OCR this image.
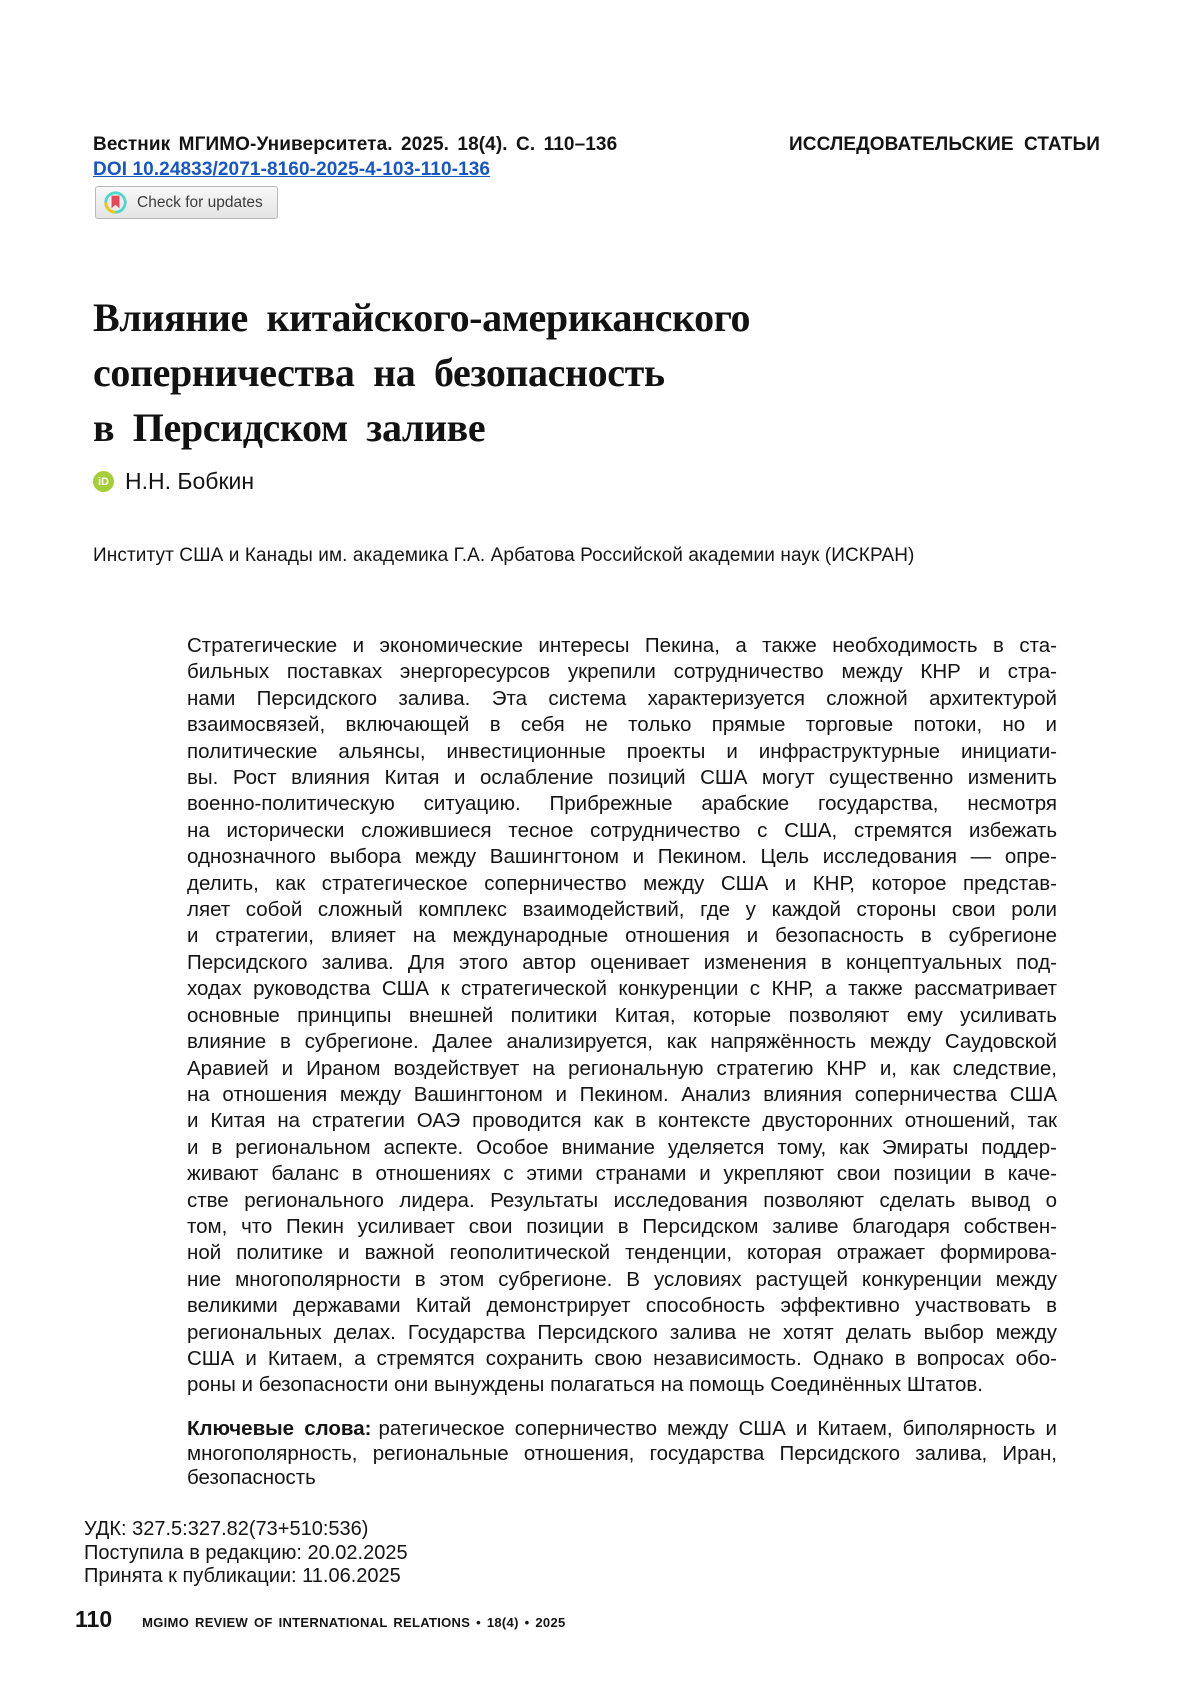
Вестник МГИМО-Университета. 2025. 18(4). С. 110–136
DOI 10.24833/2071-8160-2025-4-103-110-136
ИССЛЕДОВАТЕЛЬСКИЕ СТАТЬИ
Check for updates
Влияние китайского-американского
соперничества на безопасность
в Персидском заливе
iD Н.Н. Бобкин
Институт США и Канады им. академика Г.А. Арбатова Российской академии наук (ИСКРАН)
Стратегические и экономические интересы Пекина, а также необходимость в ста-
бильных поставках энергоресурсов укрепили сотрудничество между КНР и стра-
нами Персидского залива. Эта система характеризуется сложной архитектурой
взаимосвязей, включающей в себя не только прямые торговые потоки, но и
политические альянсы, инвестиционные проекты и инфраструктурные инициати-
вы. Рост влияния Китая и ослабление позиций США могут существенно изменить
военно-политическую ситуацию. Прибрежные арабские государства, несмотря
на исторически сложившиеся тесное сотрудничество с США, стремятся избежать
однозначного выбора между Вашингтоном и Пекином. Цель исследования — опре-
делить, как стратегическое соперничество между США и КНР, которое представ-
ляет собой сложный комплекс взаимодействий, где у каждой стороны свои роли
и стратегии, влияет на международные отношения и безопасность в субрегионе
Персидского залива. Для этого автор оценивает изменения в концептуальных под-
ходах руководства США к стратегической конкуренции с КНР, а также рассматривает
основные принципы внешней политики Китая, которые позволяют ему усиливать
влияние в субрегионе. Далее анализируется, как напряжённость между Саудовской
Аравией и Ираном воздействует на региональную стратегию КНР и, как следствие,
на отношения между Вашингтоном и Пекином. Анализ влияния соперничества США
и Китая на стратегии ОАЭ проводится как в контексте двусторонних отношений, так
и в региональном аспекте. Особое внимание уделяется тому, как Эмираты поддер-
живают баланс в отношениях с этими странами и укрепляют свои позиции в каче-
стве регионального лидера. Результаты исследования позволяют сделать вывод о
том, что Пекин усиливает свои позиции в Персидском заливе благодаря собствен-
ной политике и важной геополитической тенденции, которая отражает формирова-
ние многополярности в этом субрегионе. В условиях растущей конкуренции между
великими державами Китай демонстрирует способность эффективно участвовать в
региональных делах. Государства Персидского залива не хотят делать выбор между
США и Китаем, а стремятся сохранить свою независимость. Однако в вопросах обо-
роны и безопасности они вынуждены полагаться на помощь Соединённых Штатов.

Ключевые слова: ратегическое соперничество между США и Китаем, биполярность и многополярность, региональные отношения, государства Персидского залива, Иран, безопасность

УДК: 327.5:327.82(73+510:536)
Поступила в редакцию: 20.02.2025
Принята к публикации: 11.06.2025
110 MGIMO REVIEW OF INTERNATIONAL RELATIONS • 18(4) • 2025
